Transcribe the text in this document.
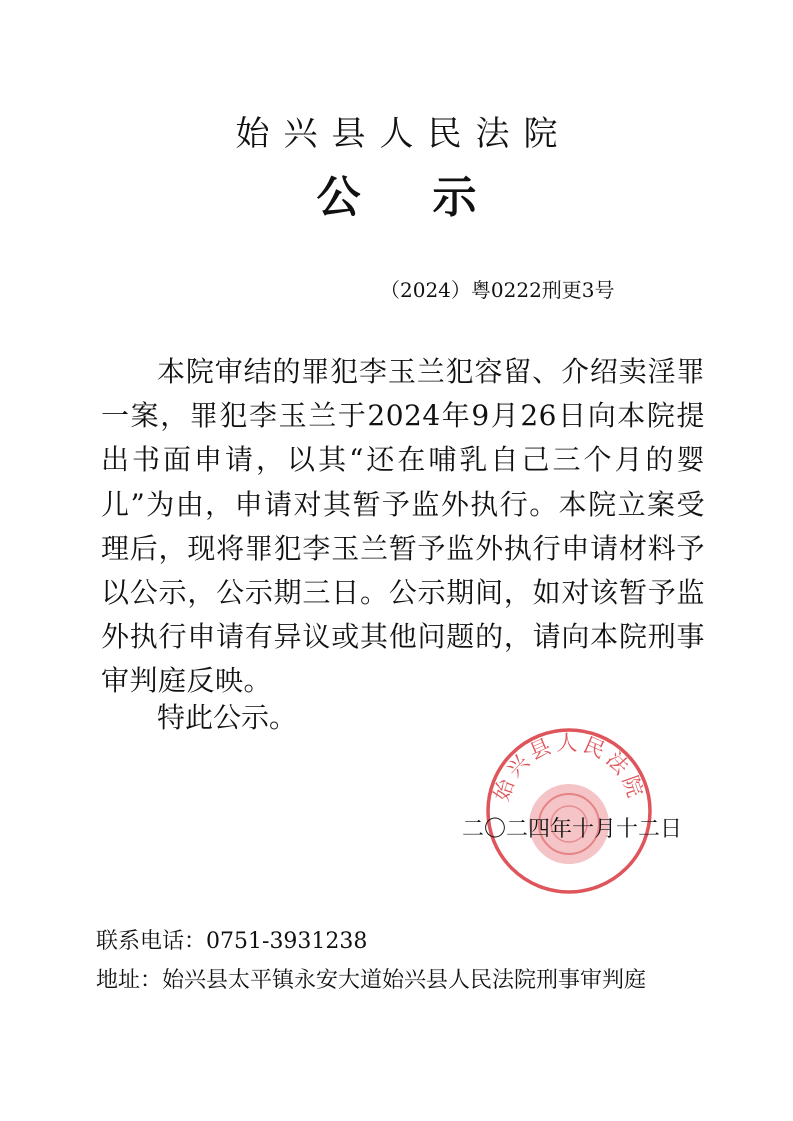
始兴县人民法院
公示
（2024）粤0222刑更3号

本院审结的罪犯李玉兰犯容留、介绍卖淫罪一案，罪犯李玉兰于2024年9月26日向本院提出书面申请，以其“还在哺乳自己三个月的婴儿”为由，申请对其暂予监外执行。本院立案受理后，现将罪犯李玉兰暂予监外执行申请材料予以公示，公示期三日。公示期间，如对该暂予监外执行申请有异议或其他问题的，请向本院刑事审判庭反映。

特此公示。

始兴县人民法院
二〇二四年十月十二日

联系电话：0751-3931238

地址：始兴县太平镇永安大道始兴县人民法院刑事审判庭
